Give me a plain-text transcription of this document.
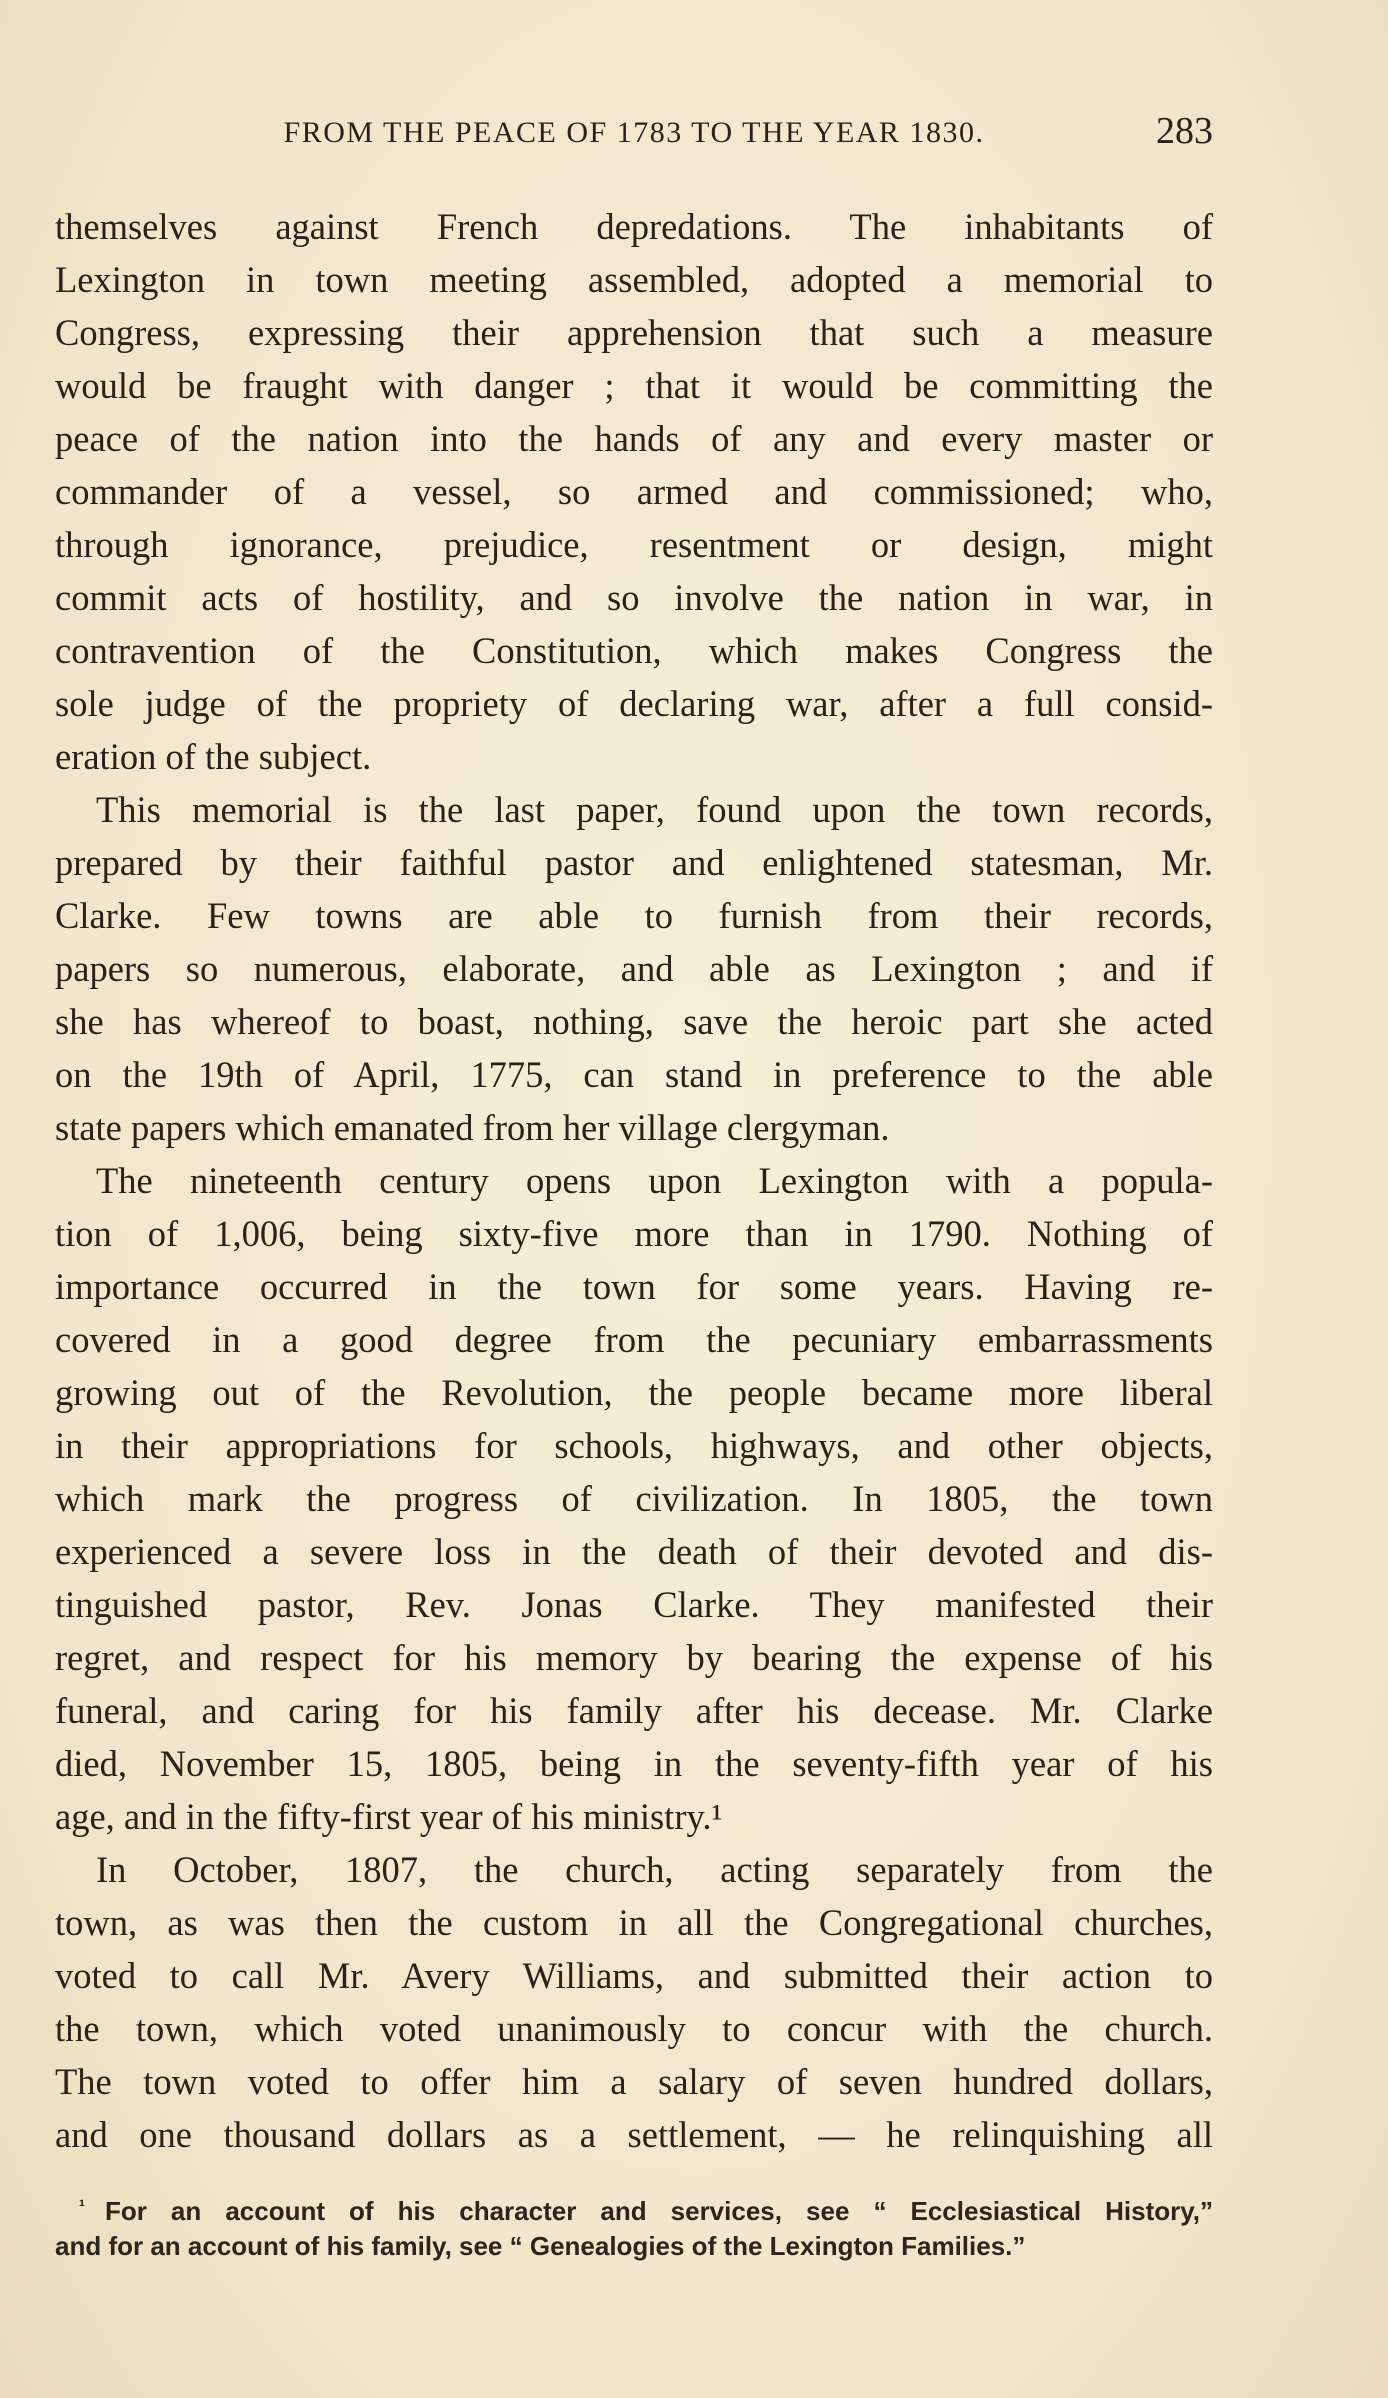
FROM THE PEACE OF 1783 TO THE YEAR 1830.	283
themselves against French depredations. The inhabitants of
Lexington in town meeting assembled, adopted a memorial to
Congress, expressing their apprehension that such a measure
would be fraught with danger ; that it would be committing the
peace of the nation into the hands of any and every master or
commander of a vessel, so armed and commissioned; who,
through ignorance, prejudice, resentment or design, might
commit acts of hostility, and so involve the nation in war, in
contravention of the Constitution, which makes Congress the
sole judge of the propriety of declaring war, after a full consid-
eration of the subject.
This memorial is the last paper, found upon the town records,
prepared by their faithful pastor and enlightened statesman, Mr.
Clarke. Few towns are able to furnish from their records,
papers so numerous, elaborate, and able as Lexington ; and if
she has whereof to boast, nothing, save the heroic part she acted
on the 19th of April, 1775, can stand in preference to the able
state papers which emanated from her village clergyman.
The nineteenth century opens upon Lexington with a popula-
tion of 1,006, being sixty-five more than in 1790. Nothing of
importance occurred in the town for some years. Having re-
covered in a good degree from the pecuniary embarrassments
growing out of the Revolution, the people became more liberal
in their appropriations for schools, highways, and other objects,
which mark the progress of civilization. In 1805, the town
experienced a severe loss in the death of their devoted and dis-
tinguished pastor, Rev. Jonas Clarke. They manifested their
regret, and respect for his memory by bearing the expense of his
funeral, and caring for his family after his decease. Mr. Clarke
died, November 15, 1805, being in the seventy-fifth year of his
age, and in the fifty-first year of his ministry.¹
In October, 1807, the church, acting separately from the
town, as was then the custom in all the Congregational churches,
voted to call Mr. Avery Williams, and submitted their action to
the town, which voted unanimously to concur with the church.
The town voted to offer him a salary of seven hundred dollars,
and one thousand dollars as a settlement, — he relinquishing all
$^{^1}$ For an account of his character and services, see “ Ecclesiastical History,”
and for an account of his family, see “ Genealogies of the Lexington Families.”
